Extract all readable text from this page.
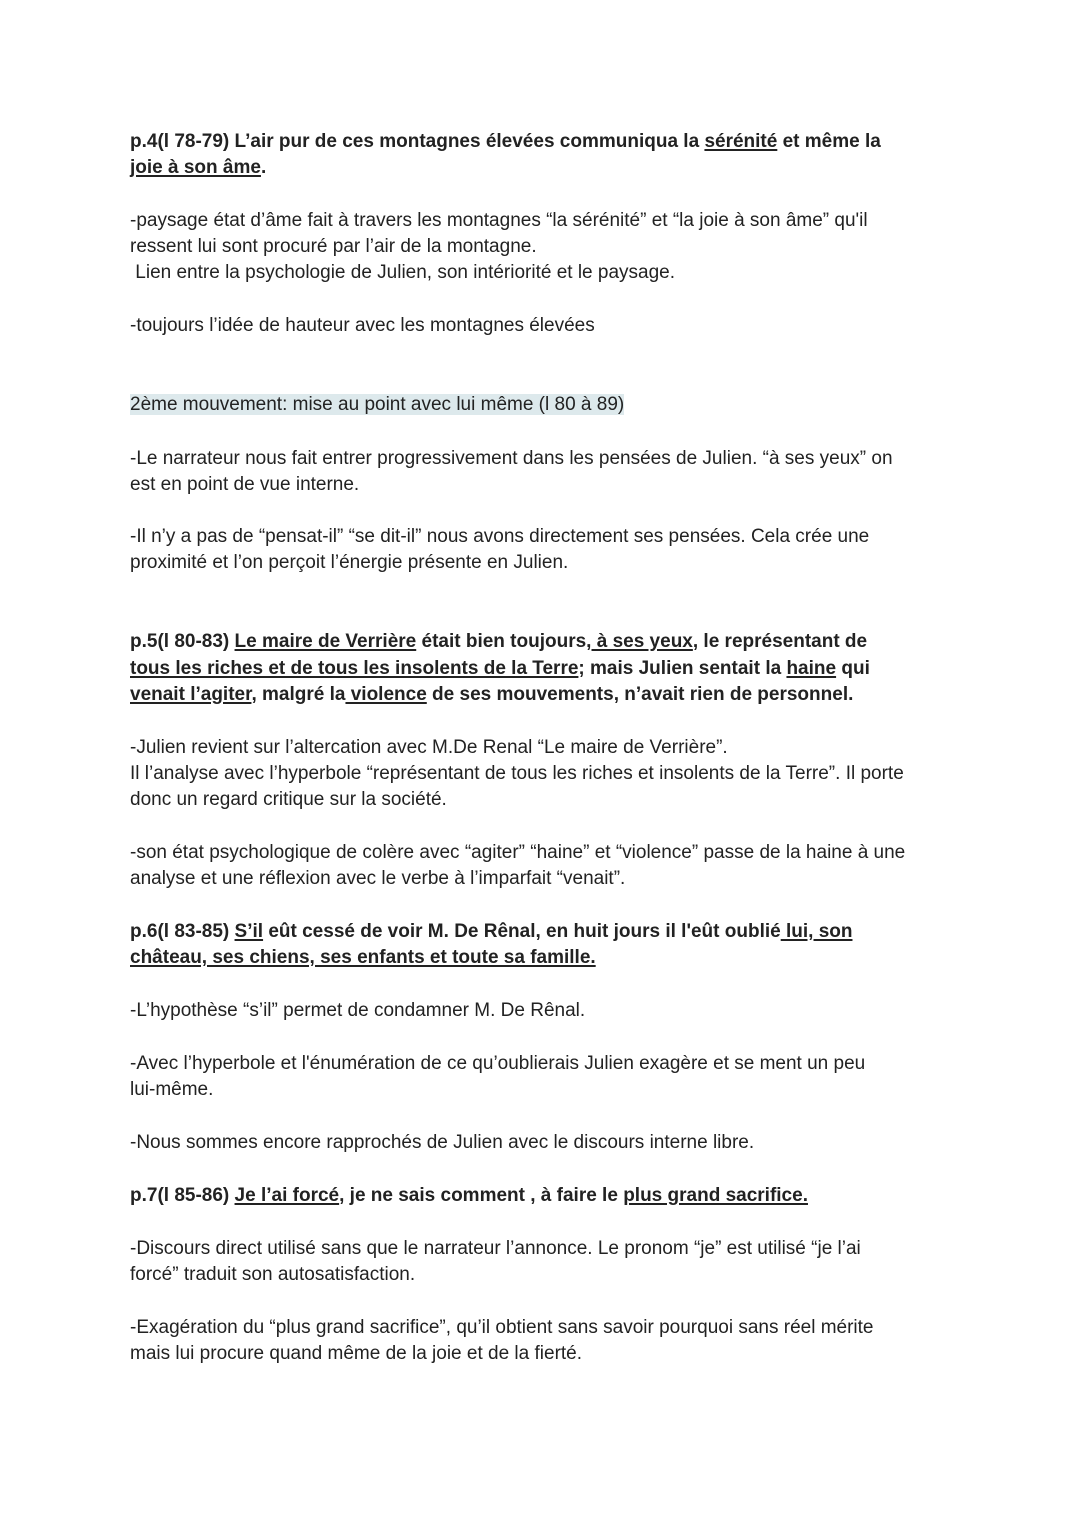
p.4(l 78-79) L’air pur de ces montagnes élevées communiqua la sérénité et même la
joie à son âme.
-paysage état d’âme fait à travers les montagnes “la sérénité” et “la joie à son âme” qu'il
ressent lui sont procuré par l’air de la montagne.
Lien entre la psychologie de Julien, son intériorité et le paysage.
-toujours l’idée de hauteur avec les montagnes élevées
2ème mouvement: mise au point avec lui même (l 80 à 89)
-Le narrateur nous fait entrer progressivement dans les pensées de Julien. “à ses yeux” on
est en point de vue interne.
-Il n’y a pas de “pensat-il” “se dit-il” nous avons directement ses pensées. Cela crée une
proximité et l’on perçoit l’énergie présente en Julien.
p.5(l 80-83) Le maire de Verrière était bien toujours, à ses yeux, le représentant de
tous les riches et de tous les insolents de la Terre; mais Julien sentait la haine qui
venait l’agiter, malgré la violence de ses mouvements, n’avait rien de personnel.
-Julien revient sur l’altercation avec M.De Renal “Le maire de Verrière”.
Il l’analyse avec l’hyperbole “représentant de tous les riches et insolents de la Terre”. Il porte
donc un regard critique sur la société.
-son état psychologique de colère avec “agiter” “haine” et “violence” passe de la haine à une
analyse et une réflexion avec le verbe à l’imparfait “venait”.
p.6(l 83-85) S’il eût cessé de voir M. De Rênal, en huit jours il l'eût oublié lui, son
château, ses chiens, ses enfants et toute sa famille.
-L’hypothèse “s’il” permet de condamner M. De Rênal.
-Avec l’hyperbole et l'énumération de ce qu’oublierais Julien exagère et se ment un peu
lui-même.
-Nous sommes encore rapprochés de Julien avec le discours interne libre.
p.7(l 85-86) Je l’ai forcé, je ne sais comment , à faire le plus grand sacrifice.
-Discours direct utilisé sans que le narrateur l’annonce. Le pronom “je” est utilisé “je l’ai
forcé” traduit son autosatisfaction.
-Exagération du “plus grand sacrifice”, qu’il obtient sans savoir pourquoi sans réel mérite
mais lui procure quand même de la joie et de la fierté.
